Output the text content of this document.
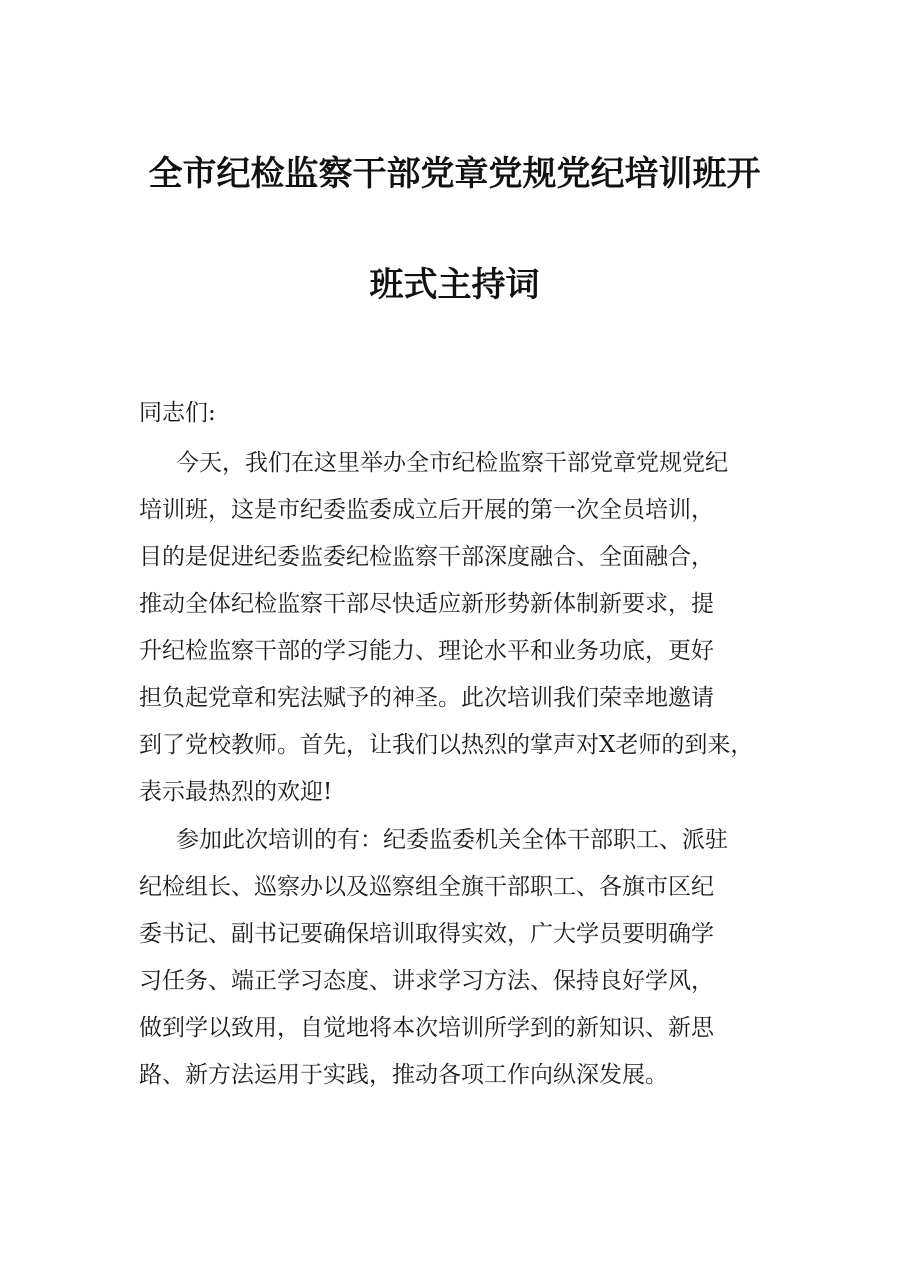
全市纪检监察干部党章党规党纪培训班开
班式主持词
同志们:
今天，我们在这里举办全市纪检监察干部党章党规党纪
培训班，这是市纪委监委成立后开展的第一次全员培训，
目的是促进纪委监委纪检监察干部深度融合、全面融合，
推动全体纪检监察干部尽快适应新形势新体制新要求，提
升纪检监察干部的学习能力、理论水平和业务功底，更好
担负起党章和宪法赋予的神圣。此次培训我们荣幸地邀请
到了党校教师。首先，让我们以热烈的掌声对X老师的到来，
表示最热烈的欢迎!
参加此次培训的有：纪委监委机关全体干部职工、派驻
纪检组长、巡察办以及巡察组全旗干部职工、各旗市区纪
委书记、副书记要确保培训取得实效，广大学员要明确学
习任务、端正学习态度、讲求学习方法、保持良好学风，
做到学以致用，自觉地将本次培训所学到的新知识、新思
路、新方法运用于实践，推动各项工作向纵深发展。
